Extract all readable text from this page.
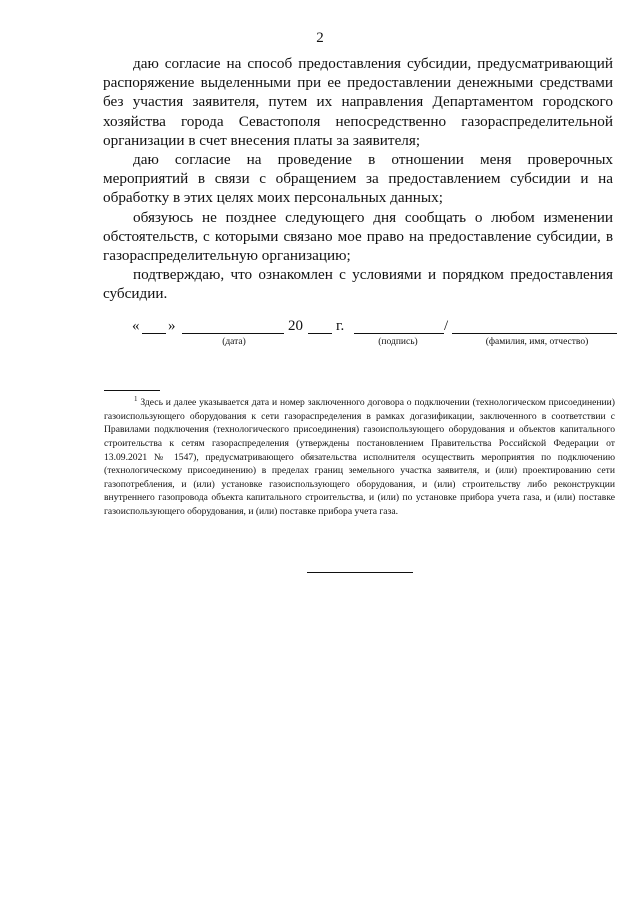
2

даю согласие на способ предоставления субсидии, предусматривающий распоряжение выделенными при ее предоставлении денежными средствами без участия заявителя, путем их направления Департаментом городского хозяйства города Севастополя непосредственно газораспределительной организации в счет внесения платы за заявителя;

даю согласие на проведение в отношении меня проверочных мероприятий в связи с обращением за предоставлением субсидии и на обработку в этих целях моих персональных данных;

обязуюсь не позднее следующего дня сообщать о любом изменении обстоятельств, с которыми связано мое право на предоставление субсидии, в газораспределительную организацию;

подтверждаю, что ознакомлен с условиями и порядком предоставления субсидии.

« »	20 г.	/
(дата)	(подпись)	(фамилия, имя, отчество)

$^1$ Здесь и далее указывается дата и номер заключенного договора о подключении (технологическом присоединении) газоиспользующего оборудования к сети газораспределения в рамках догазификации, заключенного в соответствии с Правилами подключения (технологического присоединения) газоиспользующего оборудования и объектов капитального строительства к сетям газораспределения (утверждены постановлением Правительства Российской Федерации от 13.09.2021 № 1547), предусматривающего обязательства исполнителя осуществить мероприятия по подключению (технологическому присоединению) в пределах границ земельного участка заявителя, и (или) проектированию сети газопотребления, и (или) установке газоиспользующего оборудования, и (или) строительству либо реконструкции внутреннего газопровода объекта капитального строительства, и (или) по установке прибора учета газа, и (или) поставке газоиспользующего оборудования, и (или) поставке прибора учета газа.
